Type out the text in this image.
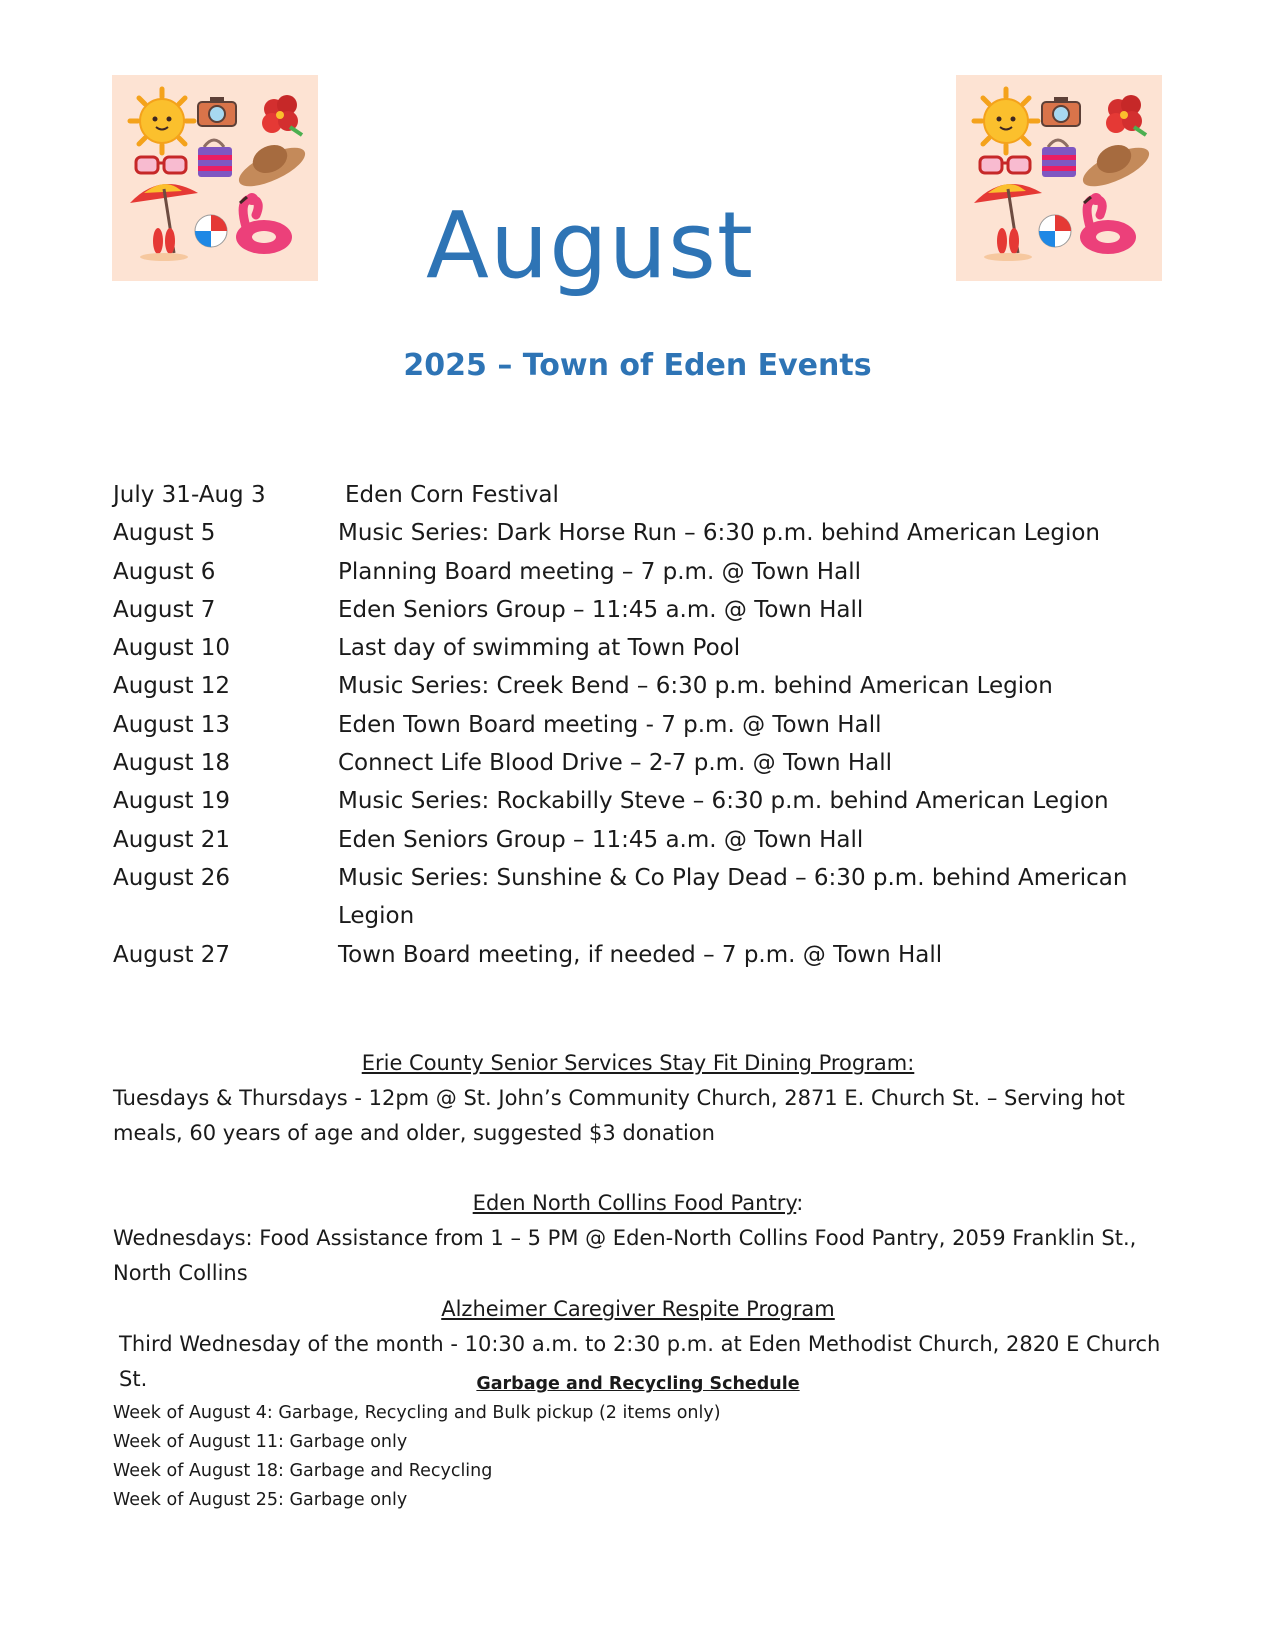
August
2025 – Town of Eden Events
July 31-Aug 3	Eden Corn Festival
August 5	Music Series: Dark Horse Run – 6:30 p.m. behind American Legion
August 6	Planning Board meeting – 7 p.m. @ Town Hall
August 7	Eden Seniors Group – 11:45 a.m. @ Town Hall
August 10	Last day of swimming at Town Pool
August 12	Music Series: Creek Bend – 6:30 p.m. behind American Legion
August 13	Eden Town Board meeting - 7 p.m. @ Town Hall
August 18	Connect Life Blood Drive – 2-7 p.m. @ Town Hall
August 19	Music Series: Rockabilly Steve – 6:30 p.m. behind American Legion
August 21	Eden Seniors Group – 11:45 a.m. @ Town Hall
August 26	Music Series: Sunshine & Co Play Dead – 6:30 p.m. behind American Legion
August 27	Town Board meeting, if needed – 7 p.m. @ Town Hall
Erie County Senior Services Stay Fit Dining Program:
Tuesdays & Thursdays - 12pm @ St. John’s Community Church, 2871 E. Church St. – Serving hot meals, 60 years of age and older, suggested $3 donation
Eden North Collins Food Pantry:
Wednesdays: Food Assistance from 1 – 5 PM @ Eden-North Collins Food Pantry, 2059 Franklin St., North Collins
Alzheimer Caregiver Respite Program
Third Wednesday of the month - 10:30 a.m. to 2:30 p.m. at Eden Methodist Church, 2820 E Church St.	Garbage and Recycling Schedule
Week of August 4: Garbage, Recycling and Bulk pickup (2 items only)
Week of August 11: Garbage only
Week of August 18: Garbage and Recycling
Week of August 25: Garbage only
